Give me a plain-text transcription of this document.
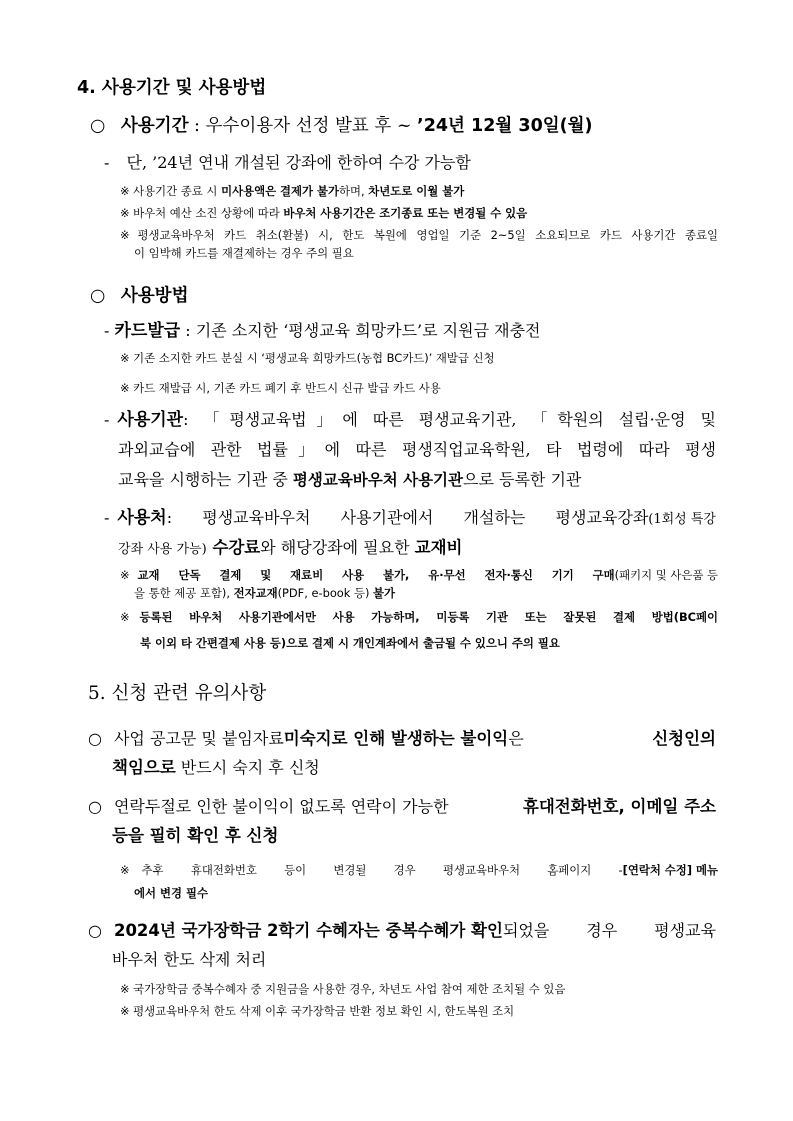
4. 사용기간 및 사용방법
○ 사용기간 : 우수이용자 선정 발표 후 ~ ’24년 12월 30일(월)
- 단, ’24년 연내 개설된 강좌에 한하여 수강 가능함
※ 사용기간 종료 시 미사용액은 결제가 불가하며, 차년도로 이월 불가
※ 바우처 예산 소진 상황에 따라 바우처 사용기간은 조기종료 또는 변경될 수 있음
※ 평생교육바우처 카드 취소(환불) 시, 한도 복원에 영업일 기준 2~5일 소요되므로 카드 사용기간 종료일
이 임박해 카드를 재결제하는 경우 주의 필요
○ 사용방법
- 카드발급 : 기존 소지한 ‘평생교육 희망카드’로 지원금 재충전
※ 기존 소지한 카드 분실 시 ‘평생교육 희망카드(농협 BC카드)’ 재발급 신청
※ 카드 재발급 시, 기존 카드 폐기 후 반드시 신규 발급 카드 사용
- 사용기관 : 「평생교육법」에 따른 평생교육기관, 「학원의 설립·운영 및
과외교습에 관한 법률」에 따른 평생직업교육학원, 타 법령에 따라 평생
교육을 시행하는 기관 중 평생교육바우처 사용기관으로 등록한 기관
- 사용처 : 평생교육바우처 사용기관에서 개설하는 평생교육강좌 (1회성 특강
강좌 사용 가능) 수강료와 해당강좌에 필요한 교재비
※ 교재 단독 결제 및 재료비 사용 불가, 유·무선 전자·통신 기기 구매 (패키지 및 사은품 등
을 통한 제공 포함), 전자교재(PDF, e-book 등) 불가
※ 등록된 바우처 사용기관에서만 사용 가능하며, 미등록 기관 또는 잘못된 결제 방법(BC페이
북 이외 타 간편결제 사용 등)으로 결제 시 개인계좌에서 출금될 수 있으니 주의 필요
5. 신청 관련 유의사항
○ 사업 공고문 및 붙임자료 미숙지로 인해 발생하는 불이익 은	신청인의
책임으로 반드시 숙지 후 신청
○ 연락두절로 인한 불이익이 없도록 연락이 가능한	휴대전화번호, 이메일 주소
등을 필히 확인 후 신청
※ 추후 휴대전화번호 등이 변경될 경우 평생교육바우처 홈페이지 - [연락처 수정] 메뉴
에서 변경 필수
○ 2024년 국가장학금 2학기 수혜자는 중복수혜가 확인 되었을 경우 평생교육
바우처 한도 삭제 처리
※ 국가장학금 중복수혜자 중 지원금을 사용한 경우, 차년도 사업 참여 제한 조치될 수 있음
※ 평생교육바우처 한도 삭제 이후 국가장학금 반환 정보 확인 시, 한도복원 조치
